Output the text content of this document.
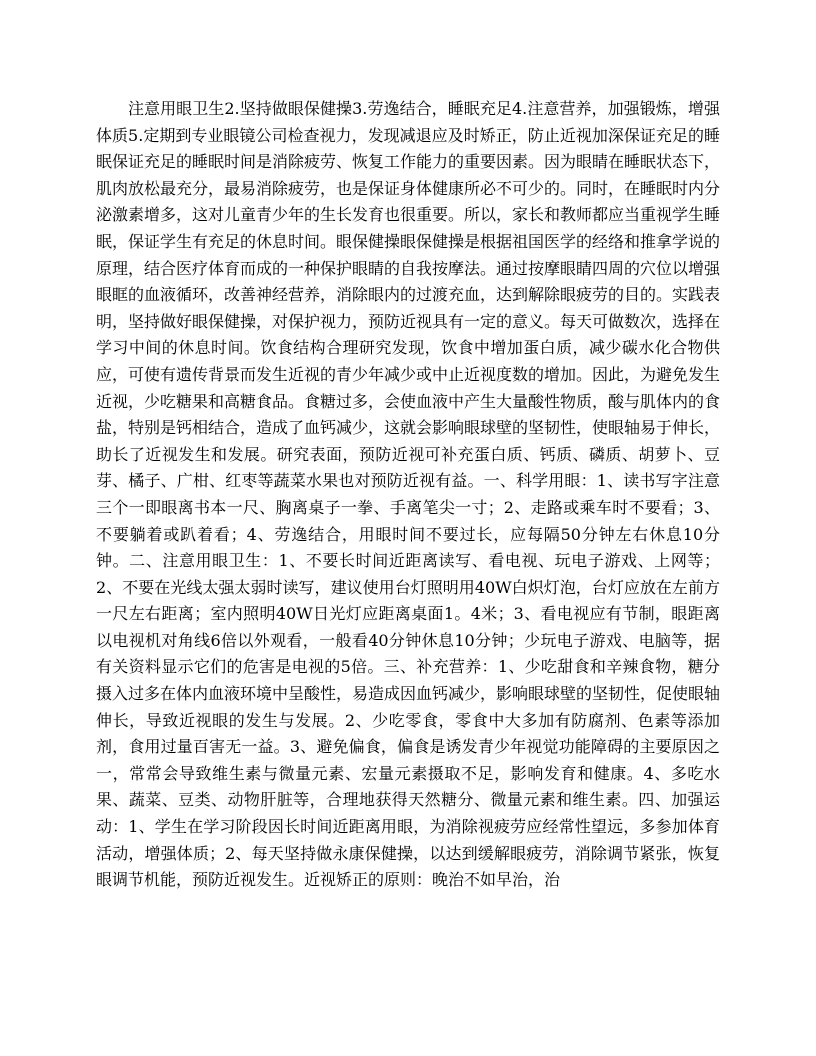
注意用眼卫生2.坚持做眼保健操3.劳逸结合，睡眠充足4.注意营养，加强锻炼，增强体质5.定期到专业眼镜公司检查视力，发现减退应及时矫正，防止近视加深保证充足的睡眠保证充足的睡眠时间是消除疲劳、恢复工作能力的重要因素。因为眼睛在睡眠状态下，肌肉放松最充分，最易消除疲劳，也是保证身体健康所必不可少的。同时，在睡眠时内分泌激素增多，这对儿童青少年的生长发育也很重要。所以，家长和教师都应当重视学生睡眠，保证学生有充足的休息时间。眼保健操眼保健操是根据祖国医学的经络和推拿学说的原理，结合医疗体育而成的一种保护眼睛的自我按摩法。通过按摩眼睛四周的穴位以增强眼眶的血液循环，改善神经营养，消除眼内的过渡充血，达到解除眼疲劳的目的。实践表明，坚持做好眼保健操，对保护视力，预防近视具有一定的意义。每天可做数次，选择在学习中间的休息时间。饮食结构合理研究发现，饮食中增加蛋白质，减少碳水化合物供应，可使有遗传背景而发生近视的青少年减少或中止近视度数的增加。因此，为避免发生近视，少吃糖果和高糖食品。食糖过多，会使血液中产生大量酸性物质，酸与肌体内的食盐，特别是钙相结合，造成了血钙减少，这就会影响眼球壁的坚韧性，使眼轴易于伸长，助长了近视发生和发展。研究表面，预防近视可补充蛋白质、钙质、磷质、胡萝卜、豆芽、橘子、广柑、红枣等蔬菜水果也对预防近视有益。一、科学用眼：1、读书写字注意三个一即眼离书本一尺、胸离桌子一拳、手离笔尖一寸；2、走路或乘车时不要看；3、不要躺着或趴着看；4、劳逸结合，用眼时间不要过长，应每隔50分钟左右休息10分钟。二、注意用眼卫生：1、不要长时间近距离读写、看电视、玩电子游戏、上网等；2、不要在光线太强太弱时读写，建议使用台灯照明用40W白炽灯泡，台灯应放在左前方一尺左右距离；室内照明40W日光灯应距离桌面1。4米；3、看电视应有节制，眼距离以电视机对角线6倍以外观看，一般看40分钟休息10分钟；少玩电子游戏、电脑等，据有关资料显示它们的危害是电视的5倍。三、补充营养：1、少吃甜食和辛辣食物，糖分摄入过多在体内血液环境中呈酸性，易造成因血钙减少，影响眼球壁的坚韧性，促使眼轴伸长，导致近视眼的发生与发展。2、少吃零食，零食中大多加有防腐剂、色素等添加剂，食用过量百害无一益。3、避免偏食，偏食是诱发青少年视觉功能障碍的主要原因之一，常常会导致维生素与微量元素、宏量元素摄取不足，影响发育和健康。4、多吃水果、蔬菜、豆类、动物肝脏等，合理地获得天然糖分、微量元素和维生素。四、加强运动：1、学生在学习阶段因长时间近距离用眼，为消除视疲劳应经常性望远，多参加体育活动，增强体质；2、每天坚持做永康保健操，以达到缓解眼疲劳，消除调节紧张，恢复眼调节机能，预防近视发生。近视矫正的原则：晚治不如早治，治
